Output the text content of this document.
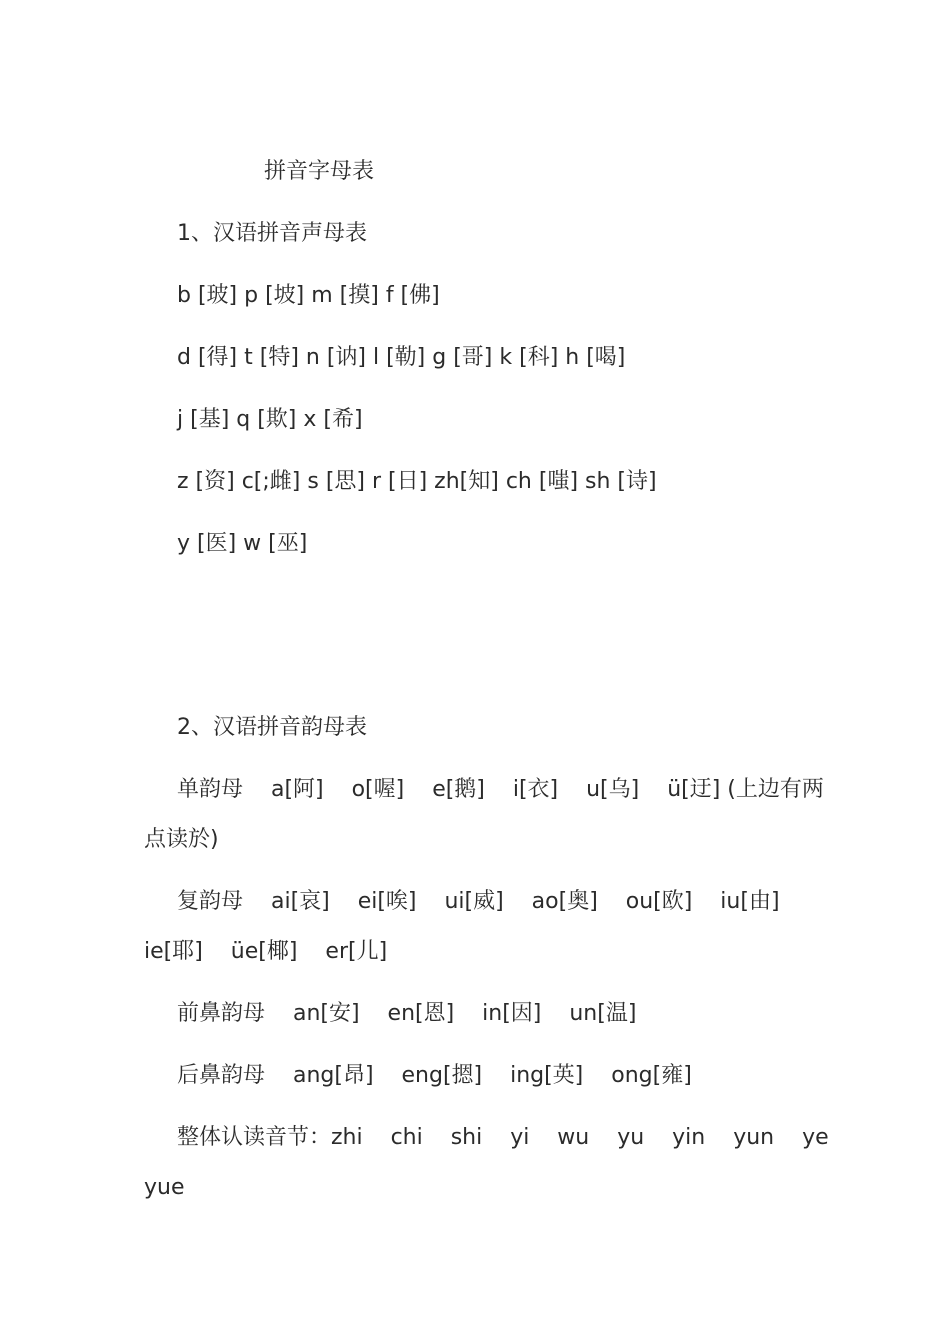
拼音字母表
1、汉语拼音声母表
b [玻] p [坡] m [摸] f [佛]
d [得] t [特] n [讷] l [勒] g [哥] k [科] h [喝]
j [基] q [欺] x [希]
z [资] c[;雌] s [思] r [日] zh[知] ch [嗤] sh [诗]
y [医] w [巫]
2、汉语拼音韵母表
单韵母    a[阿]    o[喔]    e[鹅]    i[衣]    u[乌]    ü[迂] (上边有两
点读於)
复韵母    ai[哀]    ei[唉]    ui[威]    ao[奥]    ou[欧]    iu[由]
ie[耶]    üe[椰]    er[儿]
前鼻韵母    an[安]    en[恩]    in[因]    un[温]
后鼻韵母    ang[昂]    eng[摁]    ing[英]    ong[雍]
整体认读音节：zhi    chi    shi    yi    wu    yu    yin    yun    ye
yue
